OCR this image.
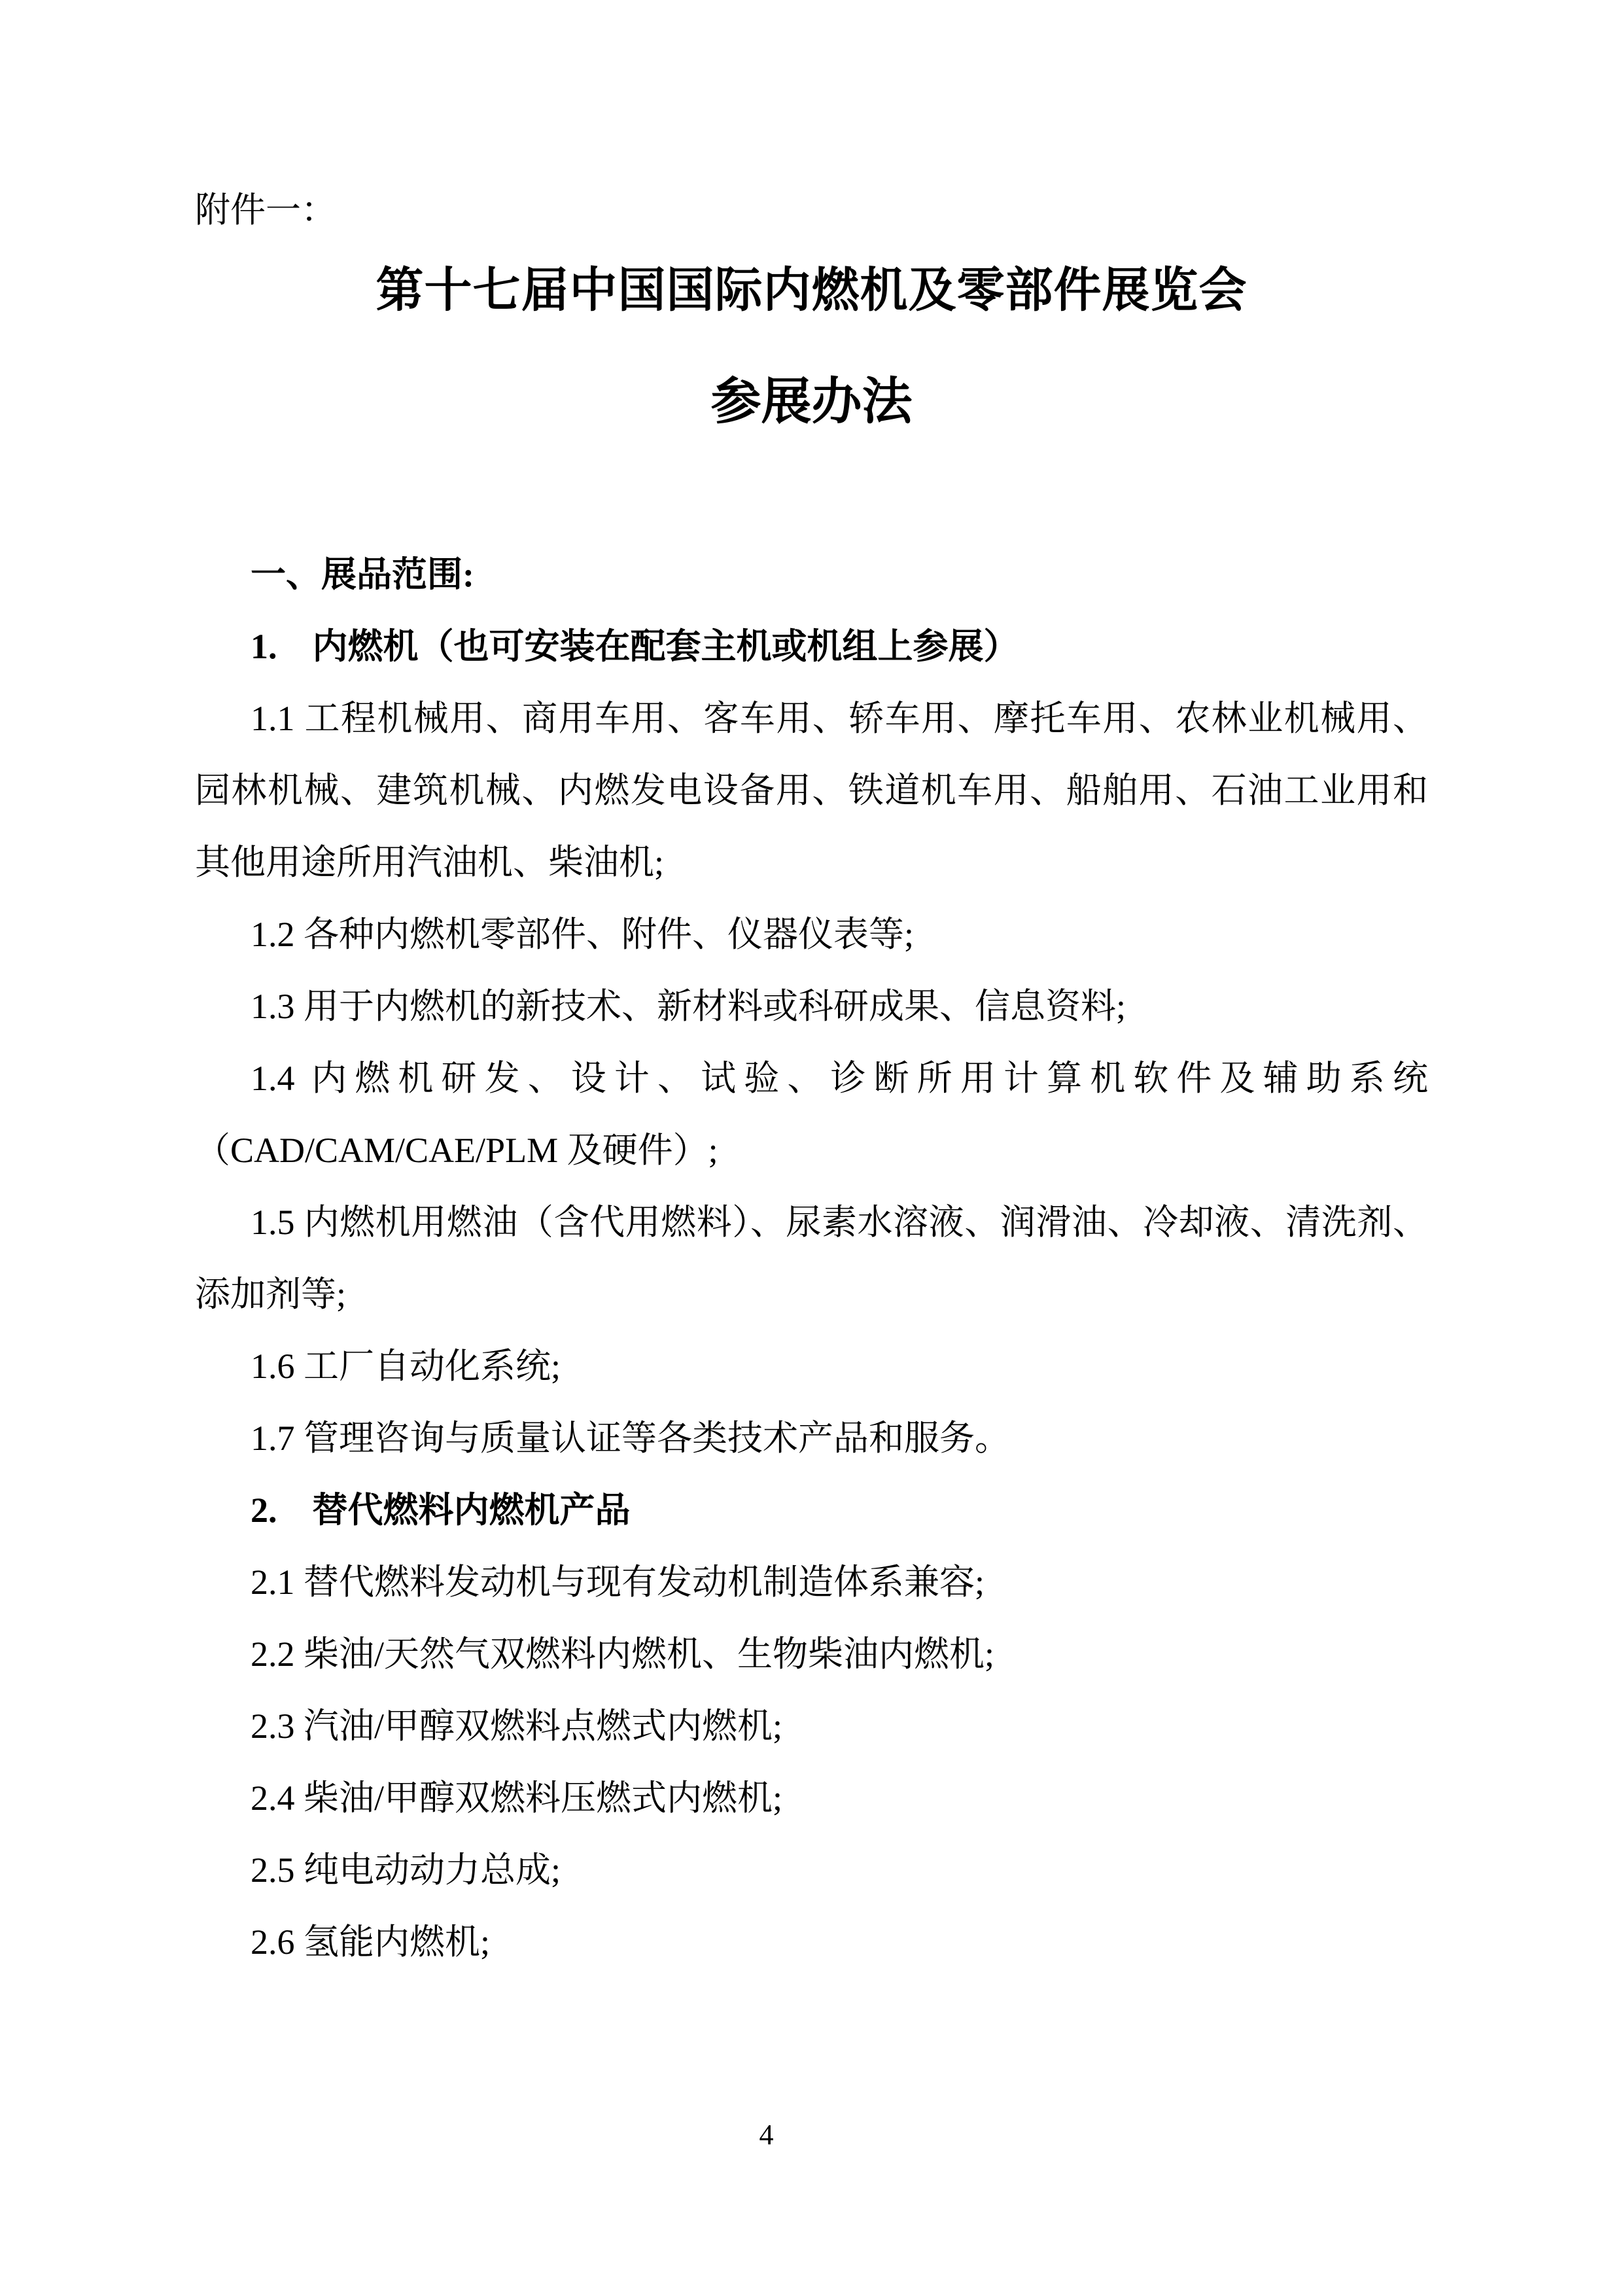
附件一：
第十七届中国国际内燃机及零部件展览会
参展办法

一、展品范围:

1.　内燃机（也可安装在配套主机或机组上参展）

1.1 工程机械用、商用车用、客车用、轿车用、摩托车用、农林业机械用、园林机械、建筑机械、内燃发电设备用、铁道机车用、船舶用、石油工业用和其他用途所用汽油机、柴油机;

1.2 各种内燃机零部件、附件、仪器仪表等;

1.3 用于内燃机的新技术、新材料或科研成果、信息资料;

1.4 内燃机研发、设计、试验、诊断所用计算机软件及辅助系统（CAD/CAM/CAE/PLM 及硬件）;

1.5 内燃机用燃油（含代用燃料）、尿素水溶液、润滑油、冷却液、清洗剂、添加剂等;

1.6 工厂自动化系统;

1.7 管理咨询与质量认证等各类技术产品和服务。

2.　替代燃料内燃机产品

2.1 替代燃料发动机与现有发动机制造体系兼容;

2.2 柴油/天然气双燃料内燃机、生物柴油内燃机;

2.3 汽油/甲醇双燃料点燃式内燃机;

2.4 柴油/甲醇双燃料压燃式内燃机;

2.5 纯电动动力总成;

2.6 氢能内燃机;

4
